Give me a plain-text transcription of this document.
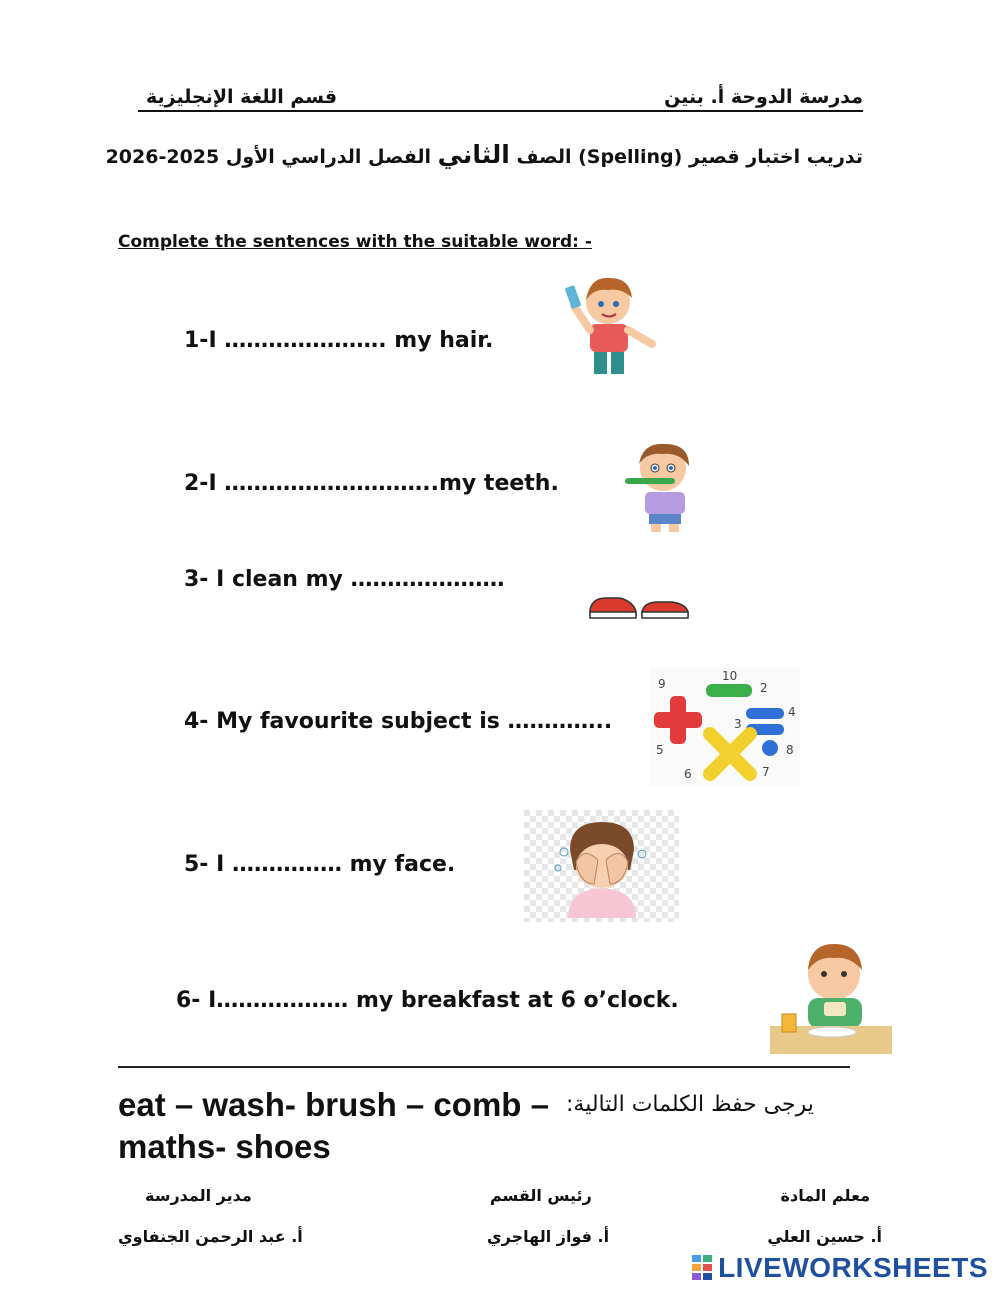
مدرسة الدوحة أ. بنين
قسم اللغة الإنجليزية
تدريب اختبار قصير (Spelling) الصف الثاني الفصل الدراسي الأول 2025-2026
Complete the sentences with the suitable word: -
1-I …………………. my hair.
2-I ………………………..my teeth.
3- I clean my …………………
4- My favourite subject is …………..
5- I …………… my face.
6- I……………… my breakfast at 6 o’clock.
9
10
2
5
6
4
8
7
3
eat – wash- brush – comb – يرجى حفظ الكلمات التالية:
maths- shoes
معلم المادة
أ. حسين العلي
رئيس القسم
أ. فواز الهاجري
مدير المدرسة
أ. عبد الرحمن الجنفاوي
LIVEWORKSHEETS
